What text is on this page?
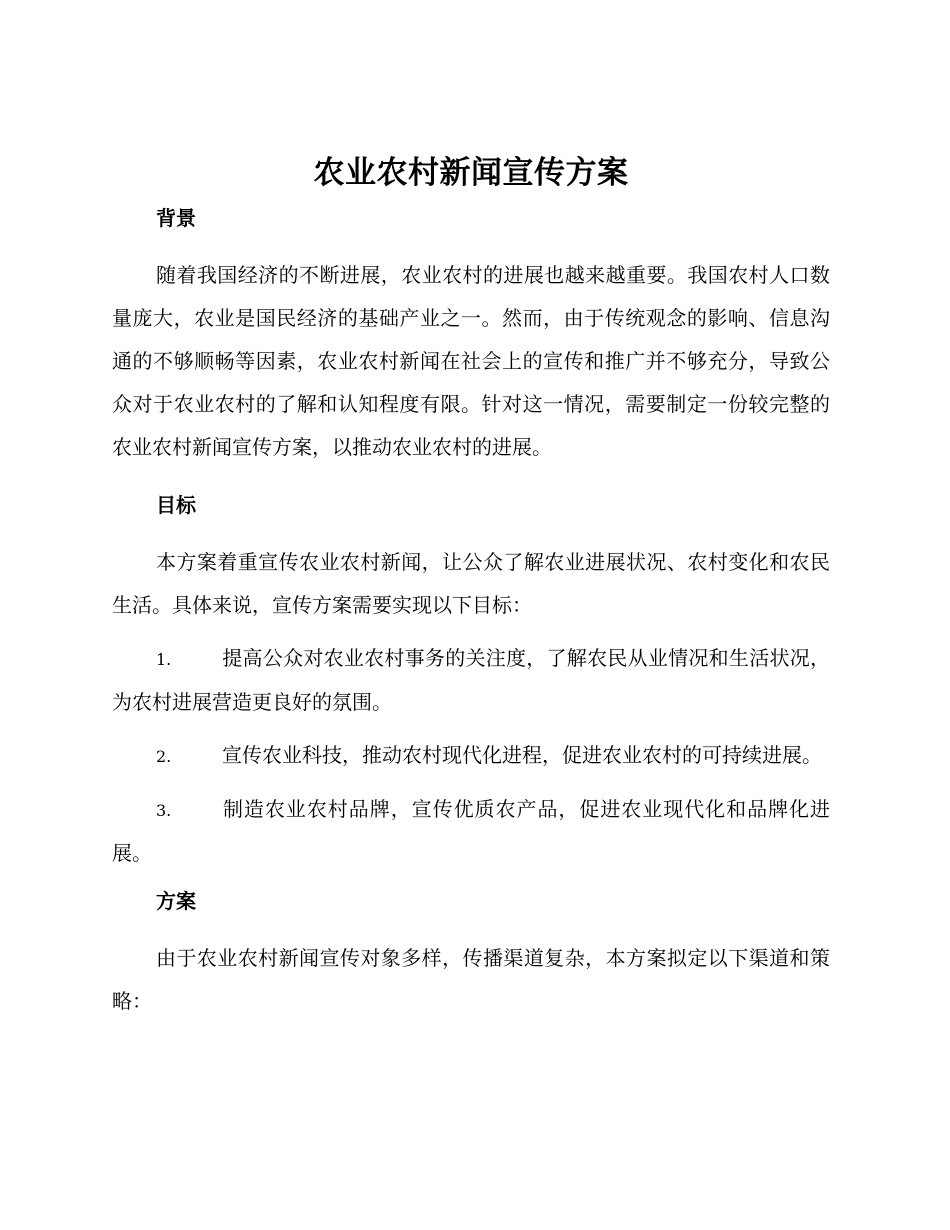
农业农村新闻宣传方案
背景

随着我国经济的不断进展，农业农村的进展也越来越重要。我国农村人口数量庞大，农业是国民经济的基础产业之一。然而，由于传统观念的影响、信息沟通的不够顺畅等因素，农业农村新闻在社会上的宣传和推广并不够充分，导致公众对于农业农村的了解和认知程度有限。针对这一情况，需要制定一份较完整的农业农村新闻宣传方案，以推动农业农村的进展。

目标

本方案着重宣传农业农村新闻，让公众了解农业进展状况、农村变化和农民生活。具体来说，宣传方案需要实现以下目标：

1.	提高公众对农业农村事务的关注度，了解农民从业情况和生活状况，为农村进展营造更良好的氛围。

2.	宣传农业科技，推动农村现代化进程，促进农业农村的可持续进展。

3.	制造农业农村品牌，宣传优质农产品，促进农业现代化和品牌化进展。

方案

由于农业农村新闻宣传对象多样，传播渠道复杂，本方案拟定以下渠道和策略：
